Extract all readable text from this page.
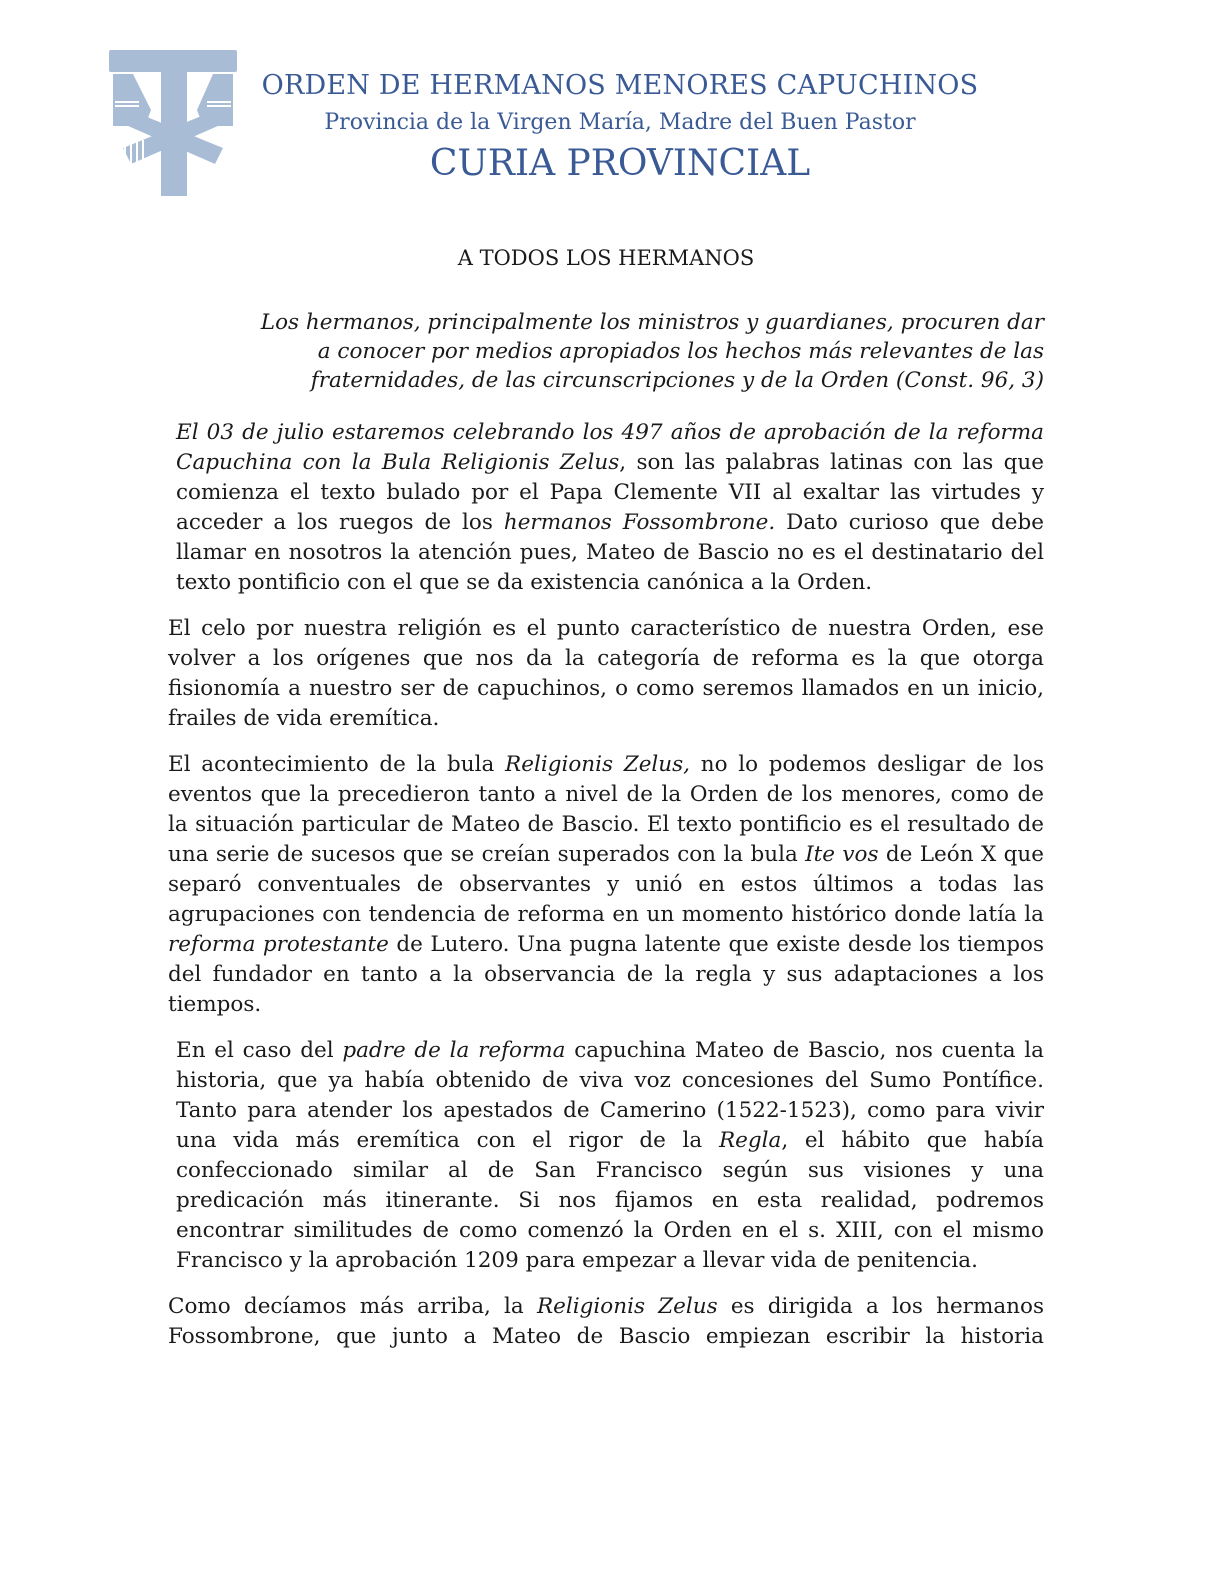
ORDEN DE HERMANOS MENORES CAPUCHINOS
Provincia de la Virgen María, Madre del Buen Pastor
CURIA PROVINCIAL
A TODOS LOS HERMANOS
Los hermanos, principalmente los ministros y guardianes, procuren dar
a conocer por medios apropiados los hechos más relevantes de las
fraternidades, de las circunscripciones y de la Orden (Const. 96, 3)

El 03 de julio estaremos celebrando los 497 años de aprobación de la reforma Capuchina con la Bula Religionis Zelus, son las palabras latinas con las que comienza el texto bulado por el Papa Clemente VII al exaltar las virtudes y acceder a los ruegos de los hermanos Fossombrone. Dato curioso que debe llamar en nosotros la atención pues, Mateo de Bascio no es el destinatario del texto pontificio con el que se da existencia canónica a la Orden.

El celo por nuestra religión es el punto característico de nuestra Orden, ese volver a los orígenes que nos da la categoría de reforma es la que otorga fisionomía a nuestro ser de capuchinos, o como seremos llamados en un inicio, frailes de vida eremítica.

El acontecimiento de la bula Religionis Zelus, no lo podemos desligar de los eventos que la precedieron tanto a nivel de la Orden de los menores, como de la situación particular de Mateo de Bascio. El texto pontificio es el resultado de una serie de sucesos que se creían superados con la bula Ite vos de León X que separó conventuales de observantes y unió en estos últimos a todas las agrupaciones con tendencia de reforma en un momento histórico donde latía la reforma protestante de Lutero. Una pugna latente que existe desde los tiempos del fundador en tanto a la observancia de la regla y sus adaptaciones a los tiempos.

En el caso del padre de la reforma capuchina Mateo de Bascio, nos cuenta la historia, que ya había obtenido de viva voz concesiones del Sumo Pontífice. Tanto para atender los apestados de Camerino (1522-1523), como para vivir una vida más eremítica con el rigor de la Regla, el hábito que había confeccionado similar al de San Francisco según sus visiones y una predicación más itinerante. Si nos fijamos en esta realidad, podremos encontrar similitudes de como comenzó la Orden en el s. XIII, con el mismo Francisco y la aprobación 1209 para empezar a llevar vida de penitencia.

Como decíamos más arriba, la Religionis Zelus es dirigida a los hermanos Fossombrone, que junto a Mateo de Bascio empiezan escribir la historia
